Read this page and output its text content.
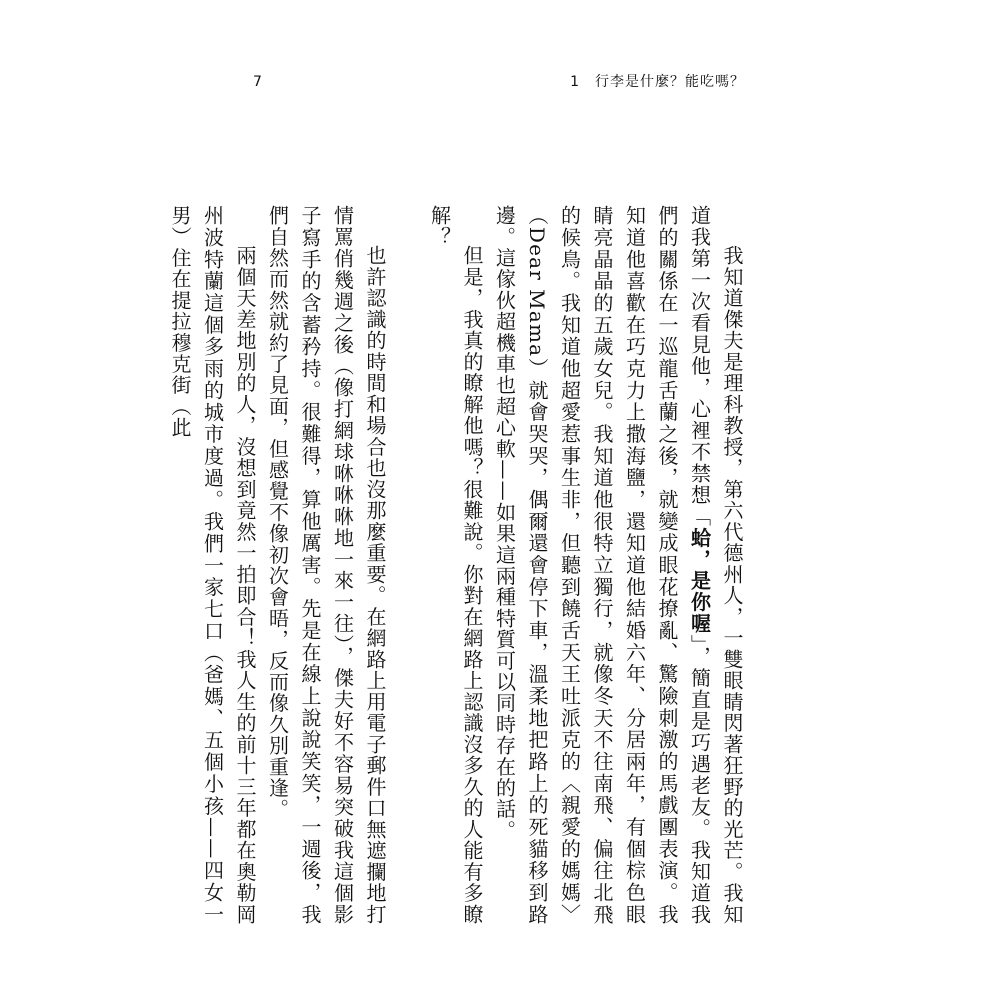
7	1　行李是什麼？能吃嗎？

我知道傑夫是理科教授，第六代德州人，一雙眼睛閃著狂野的光芒。我知道我第一次看見他，心裡不禁想「蛤，是你喔」，簡直是巧遇老友。我知道我們的關係在一巡龍舌蘭之後，就變成眼花撩亂、驚險刺激的馬戲團表演。我知道他喜歡在巧克力上撒海鹽，還知道他結婚六年、分居兩年，有個棕色眼睛亮晶晶的五歲女兒。我知道他很特立獨行，就像冬天不往南飛、偏往北飛的候鳥。我知道他超愛惹事生非，但聽到饒舌天王吐派克的〈親愛的媽媽〉（Dear Mama）就會哭哭，偶爾還會停下車，溫柔地把路上的死貓移到路邊。這傢伙超機車也超心軟——如果這兩種特質可以同時存在的話。

但是，我真的瞭解他嗎？很難說。你對在網路上認識沒多久的人能有多瞭解？

也許認識的時間和場合也沒那麼重要。在網路上用電子郵件口無遮攔地打情罵俏幾週之後（像打網球咻咻咻地一來一往），傑夫好不容易突破我這個影子寫手的含蓄矜持。很難得，算他厲害。先是在線上說說笑笑，一週後，我們自然而然就約了見面，但感覺不像初次會晤，反而像久別重逢。

兩個天差地別的人，沒想到竟然一拍即合！我人生的前十三年都在奧勒岡州波特蘭這個多雨的城市度過。我們一家七口（爸媽、五個小孩——四女一男）住在提拉穆克街（此
